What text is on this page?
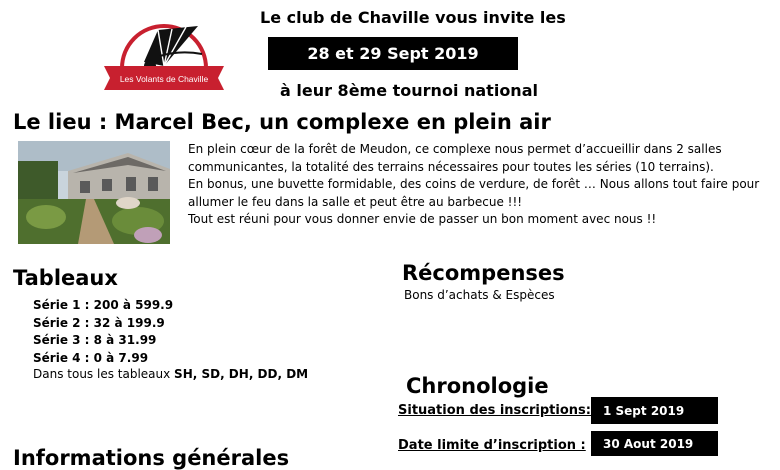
Les Volants de Chaville
Le club de Chaville vous invite les
28 et 29 Sept 2019
à leur 8ème tournoi national
Le lieu : Marcel Bec, un complexe en plein air

En plein cœur de la forêt de Meudon, ce complexe nous permet d’accueillir dans 2 salles communicantes, la totalité des terrains nécessaires pour toutes les séries (10 terrains).

En bonus, une buvette formidable, des coins de verdure, de forêt … Nous allons tout faire pour allumer le feu dans la salle et peut être au barbecue !!!

Tout est réuni pour vous donner envie de passer un bon moment avec nous !!

Tableaux
Série 1 : 200 à 599.9
Série 2 : 32 à 199.9
Série 3 : 8 à 31.99
Série 4 : 0 à 7.99
Dans tous les tableaux SH, SD, DH, DD, DM
Récompenses
Bons d’achats & Espèces
Chronologie
Situation des inscriptions: 1 Sept 2019
Date limite d’inscription : 30 Aout 2019
Informations générales
